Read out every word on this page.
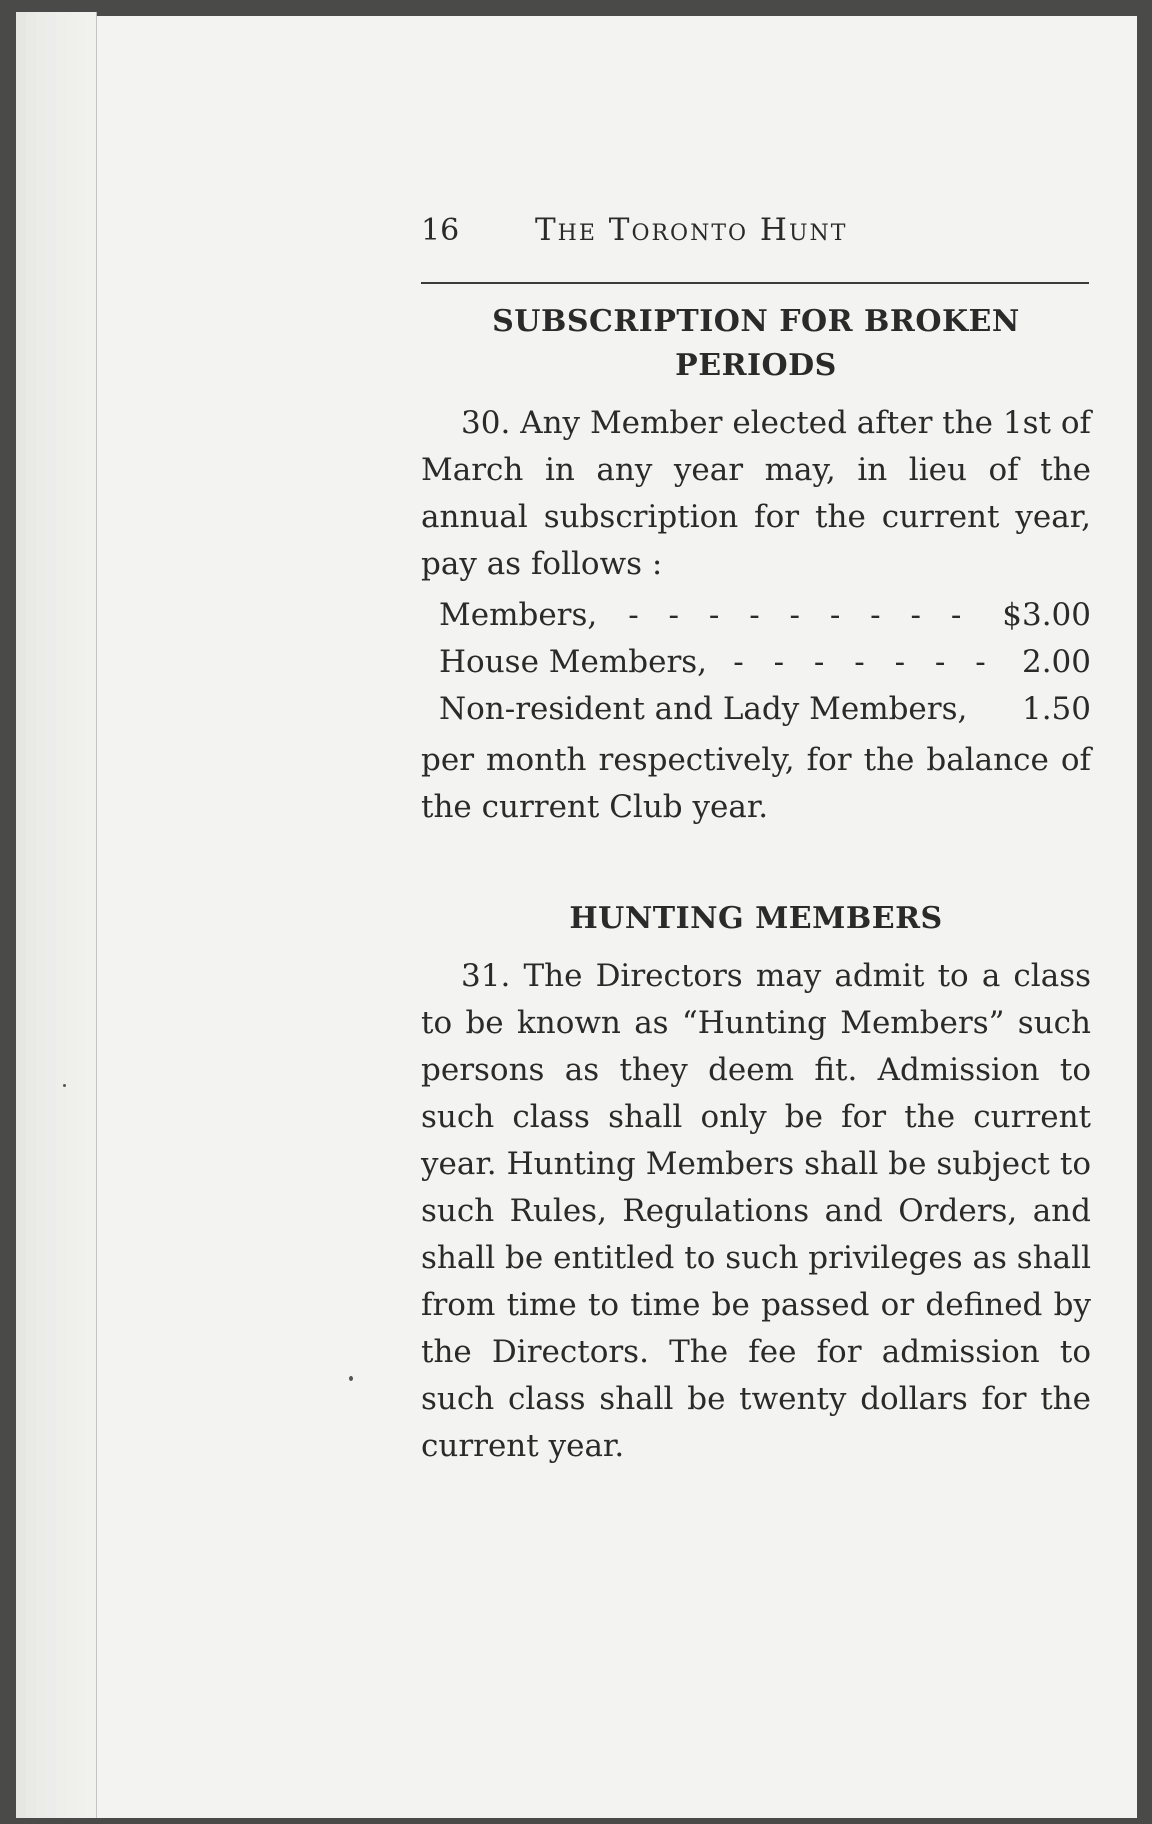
16	The Toronto Hunt
SUBSCRIPTION FOR BROKEN
PERIODS

30. Any Member elected after the 1st of March in any year may, in lieu of the annual subscription for the current year, pay as follows :

Members, - - - - - - - - - $3.00
House Members, - - - - - - - 2.00
Non-resident and Lady Members,	1.50

per month respectively, for the balance of the current Club year.

HUNTING MEMBERS

31. The Directors may admit to a class to be known as “Hunting Members” such persons as they deem fit. Admission to such class shall only be for the current year. Hunting Members shall be subject to such Rules, Regulations and Orders, and shall be entitled to such privileges as shall from time to time be passed or defined by the Directors. The fee for admission to such class shall be twenty dollars for the current year.
